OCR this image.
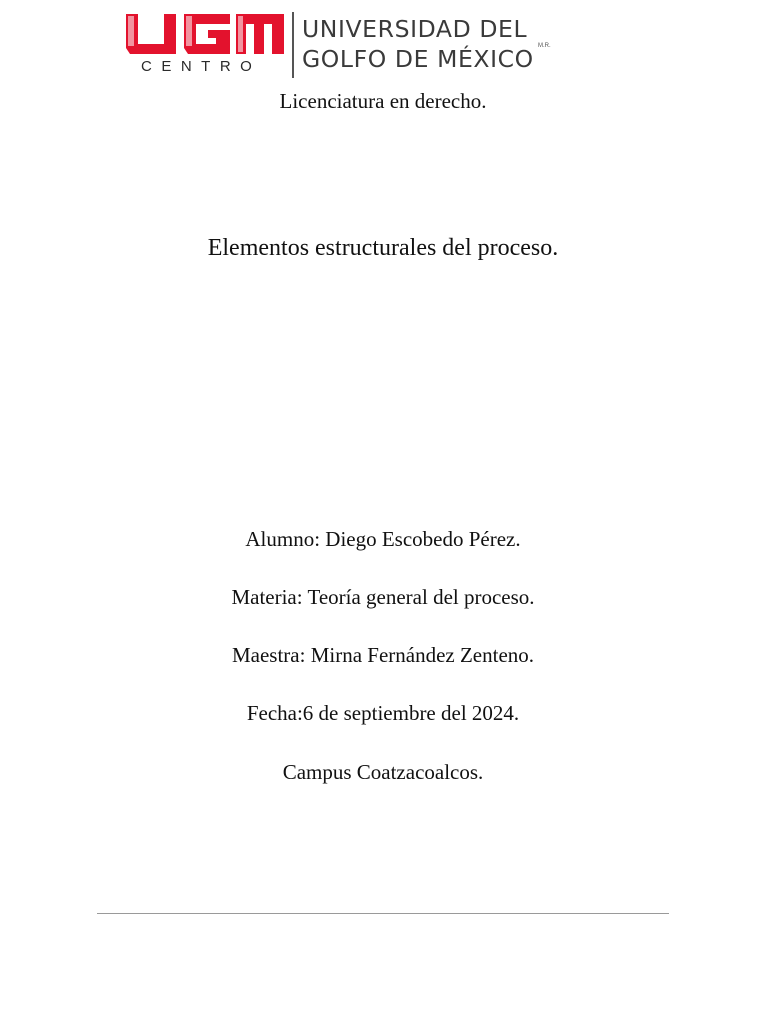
CENTRO
UNIVERSIDAD DEL
GOLFO DE MÉXICO M.R.
Licenciatura en derecho.
Elementos estructurales del proceso.
Alumno: Diego Escobedo Pérez.
Materia: Teoría general del proceso.
Maestra: Mirna Fernández Zenteno.
Fecha:6 de septiembre del 2024.
Campus Coatzacoalcos.
